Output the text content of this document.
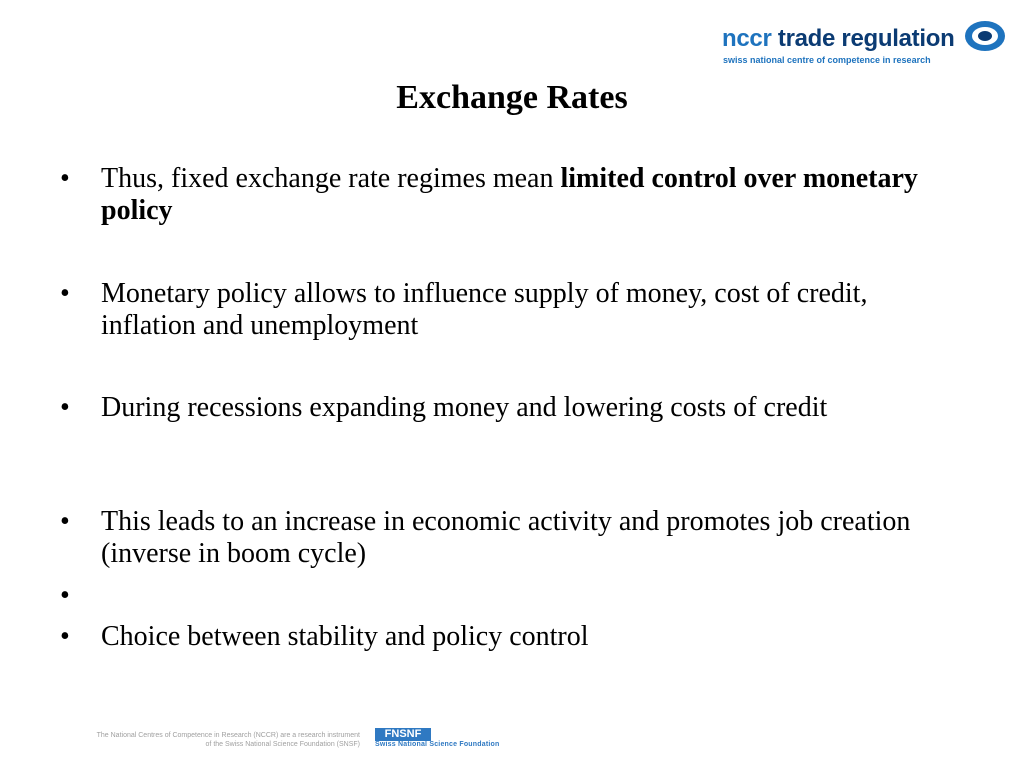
nccr trade regulation
swiss national centre of competence in research
Exchange Rates
•	Thus, fixed exchange rate regimes mean limited control over monetary policy
•	Monetary policy allows to influence supply of money, cost of credit, inflation and unemployment
•	During recessions expanding money and lowering costs of credit
•	This leads to an increase in economic activity and promotes job creation (inverse in boom cycle)
•
•	Choice between stability and policy control
The National Centres of Competence in Research (NCCR) are a research instrument
of the Swiss National Science Foundation (SNSF)
FNSNF
Swiss National Science Foundation
